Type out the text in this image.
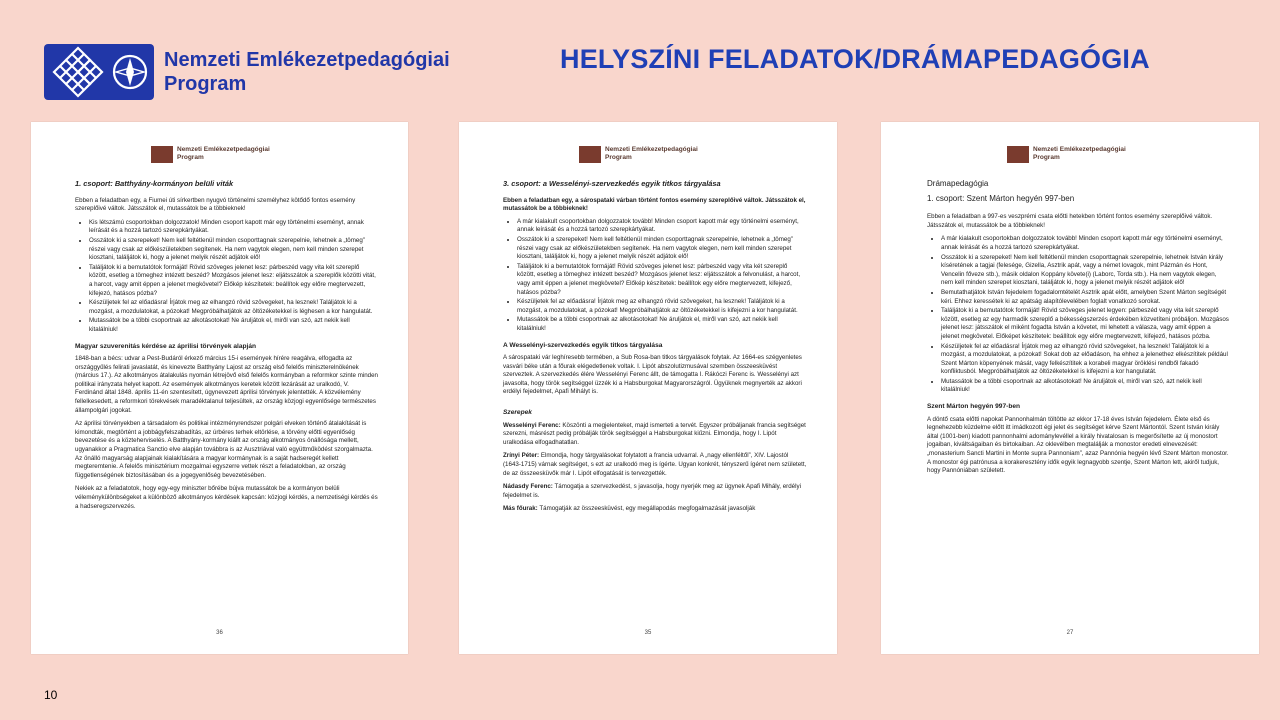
Nemzeti Emlékezetpedagógiai
Program
HELYSZÍNI FELADATOK/DRÁMAPEDAGÓGIA
Nemzeti Emlékezetpedagógiai
Program
1. csoport: Batthyány-kormányon belüli viták

Ebben a feladatban egy, a Fiumei úti sírkertben nyugvó történelmi személyhez kötődő fontos esemény szereplőivé váltok. Játsszátok el, mutassátok be a többieknek!

• Kis létszámú csoportokban dolgozzatok! Minden csoport kapott már egy történelmi eseményt, annak leírását és a hozzá tartozó szerepkártyákat.
• Osszátok ki a szerepeket! Nem kell feltétlenül minden csoporttagnak szerepelnie, lehetnek a „tömeg” részei vagy csak az előkészületekben segítenek. Ha nem vagytok elegen, nem kell minden szerepet kiosztani, találjátok ki, hogy a jelenet melyik részét adjátok elő!
• Találjátok ki a bemutatótok formáját! Rövid szöveges jelenet lesz: párbeszéd vagy vita két szereplő között, esetleg a tömeghez intézett beszéd? Mozgásos jelenet lesz: eljátsszátok a szereplők közötti vitát, a harcot, vagy amit éppen a jelenet megkövetel? Előkép készítetek: beállítok egy előre megtervezett, kifejezó, hatásos pózba?
• Készüljetek fel az előadásra! Írjátok meg az elhangzó rövid szövegeket, ha lesznek! Találjátok ki a mozgást, a mozdulatokat, a pózokat! Megpróbálhatjátok az öltözéketekkel is léghesen a kor hangulatát.
• Mutassátok be a többi csoportnak az alkotásotokat! Ne áruljátok el, miről van szó, azt nekik kell kitalálniuk!
Magyar szuverenitás kérdése az áprilisi törvények alapján

1848-ban a bécs: udvar a Pest-Budáról érkező március 15-i események hírére reagálva, elfogadta az országgyűlés felirati javaslatát, és kinevezte Batthyány Lajost az ország első felelős miniszterelnökének (március 17.). Az alkotmányos átalakulás nyomán létrejövő első felelős kormányban a reformkor szinte minden politikai irányzata helyet kapott. Az események alkotmányos keretek között lezárását az uralkodó, V. Ferdinánd által 1848. április 11-én szentesített, úgynevezett áprilisi törvények jelentették. A közvélemény fellelkesedett, a reformkori törekvések maradéktalanul teljesültek, az ország közjogi egyenlősége természetes állampolgári jogokat.

Az áprilisi törvényekben a társadalom és politikai intézményrendszer polgári elveken történő átalakítását is kimondták, megtörtént a jobbágyfelszabadítás, az úrbéres terhek eltörlése, a törvény előtti egyenlőség bevezetése és a közteherviselés. A Batthyány-kormány kiállt az ország alkotmányos önállósága mellett, ugyanakkor a Pragmatica Sanctio elve alapján továbbra is az Ausztriával való együttműködést szorgalmazta. Az önálló magyarság alapjainak kialakítására a magyar kormánynak is a saját hadseregét kellett megteremtenie. A felelős minisztérium mozgalmai egyszerre vettek részt a feladatokban, az ország függetlenségének biztosításában és a jogegyenlőség bevezetésében.

Nekiek az a feladatotok, hogy egy-egy miniszter bőrébe bújva mutassátok be a kormányon belüli véleménykülönbségeket a különböző alkotmányos kérdések kapcsán: közjogi kérdés, a nemzetiségi kérdés és a hadseregszervezés.

36
Nemzeti Emlékezetpedagógiai
Program
3. csoport: a Wesselényi-szervezkedés egyik titkos tárgyalása

Ebben a feladatban egy, a sárospataki várban történt fontos esemény szereplőivé váltok. Játsszátok el, mutassátok be a többieknek!

• A már kialakult csoportokban dolgozzatok tovább! Minden csoport kapott már egy történelmi eseményt, annak leírását és a hozzá tartozó szerepkártyákat.
• Osszátok ki a szerepeket! Nem kell feltétlenül minden csoporttagnak szerepelnie, lehetnek a „tömeg” részei vagy csak az előkészületekben segítenek. Ha nem vagytok elegen, nem kell minden szerepet kiosztani, találjátok ki, hogy a jelenet melyik részét adjátok elő!
• Találjátok ki a bemutatótok formáját! Rövid szöveges jelenet lesz: párbeszéd vagy vita két szereplő között, esetleg a tömeghez intézett beszéd? Mozgásos jelenet lesz: eljátsszátok a felvonulást, a harcot, vagy amit éppen a jelenet megkövetel? Előkép készítetek: beállítok egy előre megtervezett, kifejező, hatásos pózba?
• Készüljetek fel az előadásra! Írjátok meg az elhangzó rövid szövegeket, ha lesznek! Találjátok ki a mozgást, a mozdulatokat, a pózokat! Megpróbálhatjátok az öltözéketekkel is kifejezni a kor hangulatát.
• Mutassátok be a többi csoportnak az alkotásotokat! Ne áruljátok el, miről van szó, azt nekik kell kitalálniuk!
A Wesselényi-szervezkedés egyik titkos tárgyalása

A sárospataki vár leghíresebb termében, a Sub Rosa-ban titkos tárgyalások folytak. Az 1664-es szégyenletes vasvári béke után a főurak elégedetlenek voltak. I. Lipót abszolutizmusával szemben összeesküvést szerveztek. A szervezkedés élére Wesselényi Ferenc állt, de támogatta I. Rákóczi Ferenc is. Wesselényi azt javasolta, hogy török segítséggel üzzék ki a Habsburgokat Magyarországról. Ügyüknek megnyerték az akkori erdélyi fejedelmet, Apafi Mihályt is.

Szerepek

Wesselényi Ferenc: Köszönti a megjelenteket, majd ismerteti a tervét. Egyszer próbáljanak francia segítséget szerezni, másrészt pedig próbálják török segítséggel a Habsburgokat kiűzni. Elmondja, hogy I. Lipót uralkodása elfogadhatatlan.

Zrínyi Péter: Elmondja, hogy tárgyalásokat folytatott a francia udvarral. A „nagy ellenféltől”, XIV. Lajostól (1643-1715) várnak segítséget, s ezt az uralkodó meg is ígérte. Ugyan konkrét, tényszerű ígéret nem született, de az összeesküvők már I. Lipót elfogatását is tervezgették.

Nádasdy Ferenc: Támogatja a szervezkedést, s javasolja, hogy nyerjék meg az ügynek Apafi Mihály, erdélyi fejedelmet is.

Más főurak: Támogatják az összeesküvést, egy megállapodás megfogalmazását javasolják

35
Nemzeti Emlékezetpedagógiai
Program
Drámapedagógia
1. csoport: Szent Márton hegyén 997-ben

Ebben a feladatban a 997-es veszprémi csata előtti hetekben történt fontos esemény szereplőivé váltok. Játsszátok el, mutassátok be a többieknek!

• A már kialakult csoportokban dolgozzatok tovább! Minden csoport kapott már egy történelmi eseményt, annak leírását és a hozzá tartozó szerepkártyákat.
• Osszátok ki a szerepeket! Nem kell feltétlenül minden csoporttagnak szerepelnie, lehetnek István király kíséretének a tagjai (felesége, Gizella, Asztrik apát, vagy a német lovagok, mint Pázmán és Hont, Vencelin főveze stb.), másik oldalon Koppány követe(i) (Laborc, Torda stb.). Ha nem vagytok elegen, nem kell minden szerepet kiosztani, találjátok ki, hogy a jelenet melyik részét adjátok elő!
• Bemutathatjátok István fejedelem fogadalomtételét Asztrik apát előtt, amelyben Szent Márton segítségét kéri. Ehhez keressétek ki az apátság alapítólevelében foglalt vonatkozó sorokat.
• Találjátok ki a bemutatótok formáját! Rövid szöveges jelenet legyen: párbeszéd vagy vita két szereplő között, esetleg az egy harmadik szereplő a békességszerzés érdekében közvetíteni próbáljon. Mozgásos jelenet lesz: játsszátok el miként fogadta István a követet, mi lehetett a válasza, vagy amit éppen a jelenet megkövetel. Előképet készítetek: beállítok egy előre megtervezett, kifejező, hatásos pózba.
• Készüljetek fel az előadásra! Írjátok meg az elhangzó rövid szövegeket, ha lesznek! Találjátok ki a mozgást, a mozdulatokat, a pózokat! Sokat dob az előadáson, ha ehhez a jelenethez elkészítitek például Szent Márton köpenyének mását, vagy felkészítitek a korabeli magyar öröklési rendből fakadó konfliktusból. Megpróbálhatjátok az öltözéketekkel is kifejezni a kor hangulatát.
• Mutassátok be a többi csoportnak az alkotásotokat! Ne áruljátok el, miről van szó, azt nekik kell kitalálniuk!
Szent Márton hegyén 997-ben

A döntő csata előtti napokat Pannonhalmán töltötte az ekkor 17-18 éves István fejedelem. Élete első és legnehezebb küzdelme előtt itt imádkozott égi jelet és segítséget kérve Szent Mártontól. Szent István király által (1001-ben) kiadott pannonhalmi adománylevéllel a király hivatalosan is megerősítette az új monostort jogaiban, kiváltságaiban és birtokaiban. Az oklevélben megtalálják a monostor eredeti elnevezését: „monasterium Sancti Martini in Monte supra Pannoniam”, azaz Pannónia hegyén lévő Szent Márton monostor. A monostor égi patrónusa a korakeresztény idők egyik legnagyobb szentje, Szent Márton lett, akiről tudjuk, hogy Pannóniában született.

27
10
